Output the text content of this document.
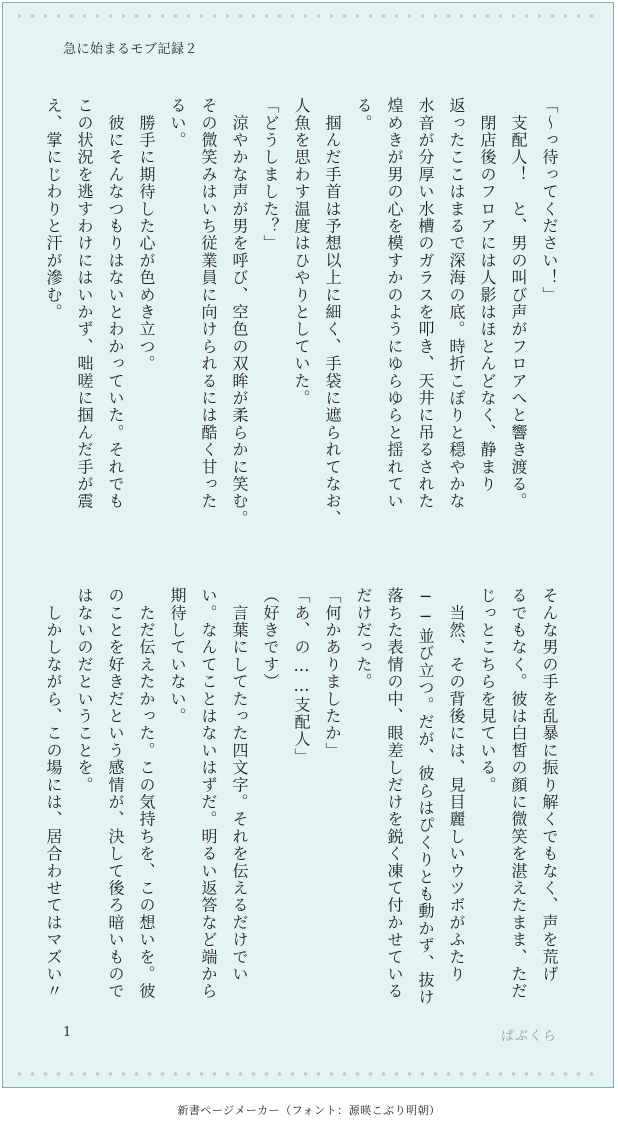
急に始まるモブ記録２
「〜っ待ってください！」
　支配人！　と、男の叫び声がフロアへと響き渡る。
　閉店後のフロアには人影はほとんどなく、静まり
返ったここはまるで深海の底。時折こぽりと穏やかな
水音が分厚い水槽のガラスを叩き、天井に吊るされた
煌めきが男の心を模すかのようにゆらゆらと揺れてい
る。
　掴んだ手首は予想以上に細く、手袋に遮られてなお、
人魚を思わす温度はひやりとしていた。
「どうしました？」
　涼やかな声が男を呼び、空色の双眸が柔らかに笑む。
その微笑みはいち従業員に向けられるには酷く甘った
るい。
　勝手に期待した心が色めき立つ。
　彼にそんなつもりはないとわかっていた。それでも
この状況を逃すわけにはいかず、咄嗟に掴んだ手が震
え、掌にじわりと汗が滲む。
そんな男の手を乱暴に振り解くでもなく、声を荒げ
るでもなく。彼は白皙の顔に微笑を湛えたまま、ただ
じっとこちらを見ている。
　当然、その背後には、見目麗しいウツボがふたり
──並び立つ。だが、彼らはぴくりとも動かず、抜け
落ちた表情の中、眼差しだけを鋭く凍て付かせている
だけだった。
「何かありましたか」
「あ、の……支配人」
（好きです）
　言葉にしてたった四文字。それを伝えるだけでい
い。なんてことはないはずだ。明るい返答など端から
期待していない。
　ただ伝えたかった。この気持ちを、この想いを。彼
のことを好きだという感情が、決して後ろ暗いもので
はないのだということを。
　しかしながら、この場には、居合わせてはマズい〃
1	ぱぶくら
新書ページメーカー（フォント：源暎こぶり明朝）
